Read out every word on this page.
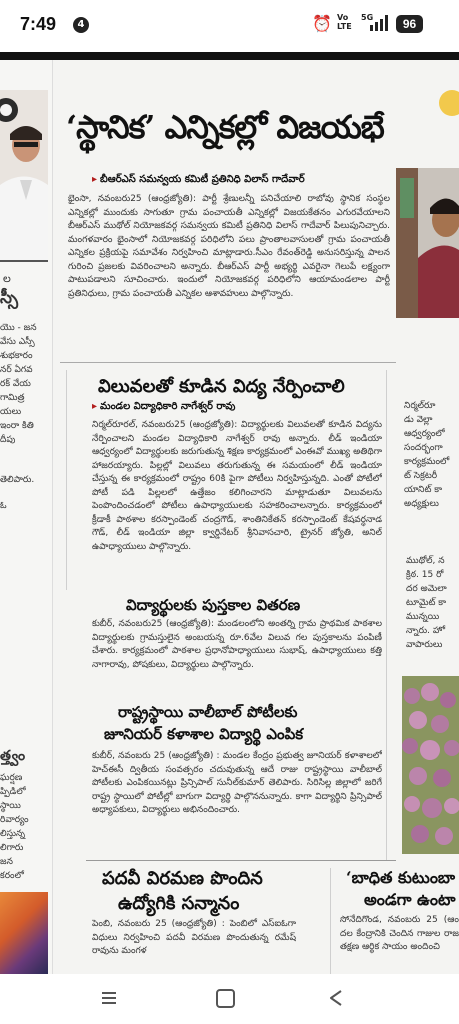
7:49	4	⏰ Vo LTE
5G	96
ల
స్సీ
యొ - జన
వేసు ఎస్సీ
శుభకారం
నర్ ఏగవ
రక్‌ వేయ
గామిత్ర
యలు
ఇంరా కితి
దీపు
తెలిపారు.
త్త్వం
ఘర్షణ
ప్పిడిలో
స్థాయి
రివార్యం
లిస్తున్న
లిగారు
జన
కరంలో
ఓ
‘స్థానిక’ ఎన్నికల్లో విజయభే
▸ బీఆర్ఎస్ సమన్వయ కమిటీ ప్రతినిధి విలాస్ గాదేవార్
భైంసా, నవంబరు25 (ఆంధ్రజ్యోతి): పార్టీ శ్రేణులన్నీ పనిచేయాలి రాబోవు స్థానిక సంస్థల ఎన్నికల్లో ముందుకు సాగుతూ గ్రామ పంచాయతీ ఎన్నికల్లో విజయకేతనం ఎగురవేయాలని బీఆర్ఎస్ ముథోల్ నియోజకవర్గ సమన్వయ కమిటీ ప్రతినిధి విలాస్ గాదేవార్ పిలుపునిచ్చారు. మంగళవారం భైంసాలో నియోజకవర్గ పరిధిలోని పలు ప్రాంతాలవాసులతో గ్రామ పంచాయతీ ఎన్నికల ప్రక్రియపై సమావేశం నిర్వహించి మాట్లాడారు.సీఎం రేవంత్‌రెడ్డి అనుసరిస్తున్న పాలన గురించి ప్రజలకు వివరించాలని అన్నారు. బీఆర్ఎస్ పార్టీ అభ్యర్థి ఎవరైనా గెలుపే లక్ష్యంగా పాటుపడాలని సూచించారు. ఇందులో నియోజకవర్గ పరిధిలోని ఆయామండలాల పార్టీ ప్రతినిధులు, గ్రామ పంచాయతీ ఎన్నికల ఆశావహులు పాల్గొన్నారు.
విలువలతో కూడిన విద్య నేర్పించాలి
▸ మండల విద్యాధికారి నాగేశ్వర్ రావు
నిర్మల్‌రూరల్, నవంబరు25 (ఆంధ్రజ్యోతి): విద్యార్థులకు విలువలతో కూడిన విద్యను నేర్పించాలని మండల విద్యాధికారి నాగేశ్వర్ రావు అన్నారు. లీడ్ ఇండియా ఆధ్వర్యంలో విద్యార్థులకు జరుగుతున్న శిక్షణ కార్యక్రమంలో ఎంఈవో ముఖ్య అతిథిగా హాజరయ్యారు. పిల్లల్లో విలువలు తరుగుతున్న ఈ సమయంలో లీడ్ ఇండియా చేస్తున్న ఈ కార్యక్రమంలో రాష్ట్రం 60కి పైగా పోటీలు నిర్వహిస్తున్నది. ఎంతో పోటీలో పోటీ పడి పిల్లలలో ఉత్తేజం కలిగించారని మాట్లాడుతూ విలువలను పెంపొందించడంలో పోటీలు ఉపాధ్యాయులకు సహకరించాలన్నారు. కార్యక్రమంలో క్రీడాకీ పాఠశాల కరస్పాండెంట్ చంద్రగౌడ్, శాంతినికేతన్ కరస్పాండెంట్ కేషవర్ధనాడ గౌడ్, లీడ్ ఇండియా జిల్లా క్వార్డినేటర్ శ్రీనివాసచారి, ట్రైనర్ జ్యోతి, అనిల్ ఉపాధ్యాయులు పాల్గొన్నారు.
విద్యార్థులకు పుస్తకాల వితరణ
కుబీర్, నవంబరు25 (ఆంధ్రజ్యోతి): మండలంలోని అంతర్ని గ్రామ ప్రాథమిక పాఠశాల విద్యార్థులకు గ్రామస్తులైన అంబయన్న రూ.6వేల విలువ గల పుస్తకాలను పంపిణీ చేశారు. కార్యక్రమంలో పాఠశాల ప్రధానోపాధ్యాయులు సుభాష్, ఉపాధ్యాయులు కత్తి నాగారావు, పోషకులు, విద్యార్థులు పాల్గొన్నారు.
రాష్ట్రస్థాయి వాలీబాల్ పోటీలకు
జూనియర్ కళాశాల విద్యార్థి ఎంపిక
కుబీర్, నవంబరు 25 (ఆంధ్రజ్యోతి) : మండల కేంద్రం ప్రభుత్వ జూనియర్ కళాశాలలో హెచ్ఈసీ ద్వితీయ సంవత్సరం చదువుతున్న ఆదే రాజు రాష్ట్రస్థాయి వాలీబాల్ పోటీలకు ఎంపికయినట్లు ప్రిన్సిపాల్ సునీల్‌కుమార్ తెలిపారు. సిరిసిల్ల జిల్లాలో జరిగే రాష్ట్ర స్థాయిలో పోటీల్లో బాగుగా విద్యార్థి పాల్గొననున్నారు. కాగా విద్యార్థిని ప్రిన్సిపాల్ అధ్యాపకులు, విద్యార్థులు అభినందించారు.
పదవీ విరమణ పొందిన
ఉద్యోగికి సన్మానం
పెంబి, నవంబరు 25 (ఆంధ్రజ్యోతి) : పెంబిలో ఎస్‌ఐఓగా విధులు నిర్వహించి పదవీ విరమణ పొందుతున్న రమేష్ రావును మంగళ
‘బాధిత కుటుంబా
అండగా ఉంటా
సోనేదిగొండ, నవంబరు 25 (ఆం దల కేంద్రానికి చెందిన గాజుల రాజ తక్షణ ఆర్థిక సాయం అందించి
నిర్మల్‌రూ
డు వెల్లా
ఆధ్వర్యంలో
సందర్భంగా
కార్యక్రమంలో
ట్ సెక్రటరీ
యానిట్ కా
అధ్యక్షులు
ముథోల్, న
క్రిఠ. 15 రో
దర అమెలా
టూమైట్ కా
మున్నయి
న్నారు. హో
వాపారులు
